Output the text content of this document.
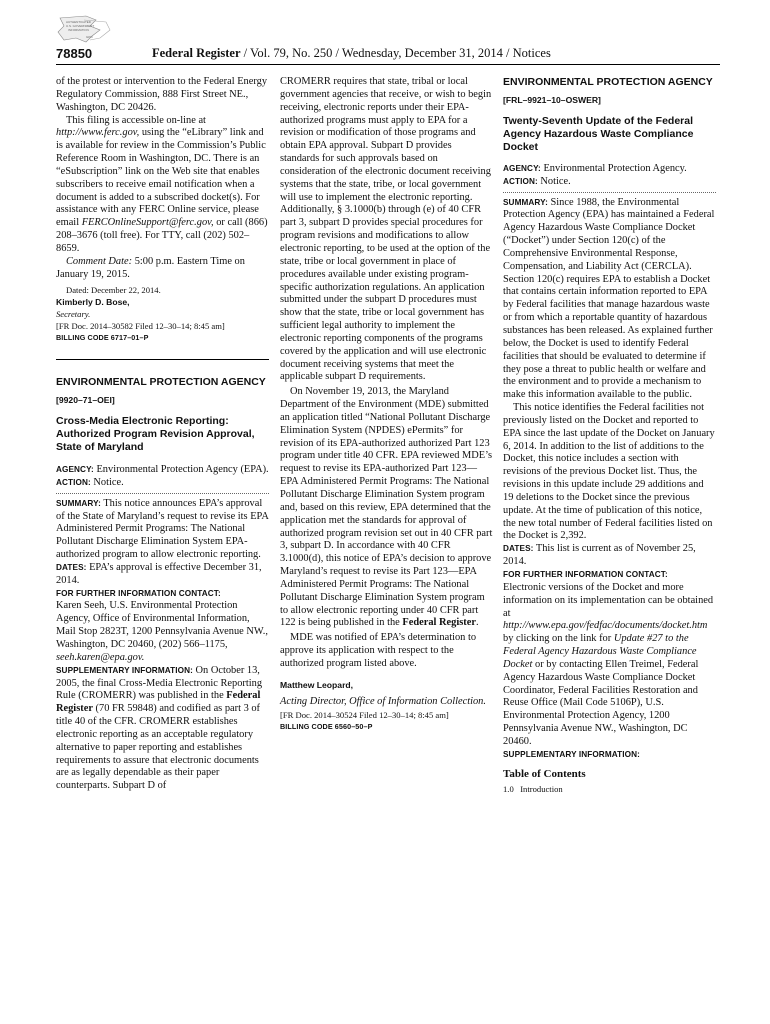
AUTHENTICATED
U.S. GOVERNMENT
INFORMATION
GPO
78850	Federal Register / Vol. 79, No. 250 / Wednesday, December 31, 2014 / Notices

of the protest or intervention to the Federal Energy Regulatory Commission, 888 First Street NE., Washington, DC 20426.

This filing is accessible on-line at http://www.ferc.gov, using the “eLibrary” link and is available for review in the Commission’s Public Reference Room in Washington, DC. There is an “eSubscription” link on the Web site that enables subscribers to receive email notification when a document is added to a subscribed docket(s). For assistance with any FERC Online service, please email FERCOnlineSupport@ferc.gov, or call (866) 208–3676 (toll free). For TTY, call (202) 502–8659.

Comment Date: 5:00 p.m. Eastern Time on January 19, 2015.

Dated: December 22, 2014.

Kimberly D. Bose,

Secretary.

[FR Doc. 2014–30582 Filed 12–30–14; 8:45 am]

BILLING CODE 6717–01–P

ENVIRONMENTAL PROTECTION AGENCY

[9920–71–OEI]

Cross-Media Electronic Reporting: Authorized Program Revision Approval, State of Maryland

AGENCY: Environmental Protection Agency (EPA).

ACTION: Notice.

SUMMARY: This notice announces EPA’s approval of the State of Maryland’s request to revise its EPA Administered Permit Programs: The National Pollutant Discharge Elimination System EPA-authorized program to allow electronic reporting.

DATES: EPA’s approval is effective December 31, 2014.

FOR FURTHER INFORMATION CONTACT:

Karen Seeh, U.S. Environmental Protection Agency, Office of Environmental Information, Mail Stop 2823T, 1200 Pennsylvania Avenue NW., Washington, DC 20460, (202) 566–1175, seeh.karen@epa.gov.

SUPPLEMENTARY INFORMATION: On October 13, 2005, the final Cross-Media Electronic Reporting Rule (CROMERR) was published in the Federal Register (70 FR 59848) and codified as part 3 of title 40 of the CFR. CROMERR establishes electronic reporting as an acceptable regulatory alternative to paper reporting and establishes requirements to assure that electronic documents are as legally dependable as their paper counterparts. Subpart D of

CROMERR requires that state, tribal or local government agencies that receive, or wish to begin receiving, electronic reports under their EPA-authorized programs must apply to EPA for a revision or modification of those programs and obtain EPA approval. Subpart D provides standards for such approvals based on consideration of the electronic document receiving systems that the state, tribe, or local government will use to implement the electronic reporting. Additionally, § 3.1000(b) through (e) of 40 CFR part 3, subpart D provides special procedures for program revisions and modifications to allow electronic reporting, to be used at the option of the state, tribe or local government in place of procedures available under existing program-specific authorization regulations. An application submitted under the subpart D procedures must show that the state, tribe or local government has sufficient legal authority to implement the electronic reporting components of the programs covered by the application and will use electronic document receiving systems that meet the applicable subpart D requirements.

On November 19, 2013, the Maryland Department of the Environment (MDE) submitted an application titled “National Pollutant Discharge Elimination System (NPDES) ePermits” for revision of its EPA-authorized authorized Part 123 program under title 40 CFR. EPA reviewed MDE’s request to revise its EPA-authorized Part 123—EPA Administered Permit Programs: The National Pollutant Discharge Elimination System program and, based on this review, EPA determined that the application met the standards for approval of authorized program revision set out in 40 CFR part 3, subpart D. In accordance with 40 CFR 3.1000(d), this notice of EPA’s decision to approve Maryland’s request to revise its Part 123—EPA Administered Permit Programs: The National Pollutant Discharge Elimination System program to allow electronic reporting under 40 CFR part 122 is being published in the Federal Register.

MDE was notified of EPA’s determination to approve its application with respect to the authorized program listed above.

Matthew Leopard,

Acting Director, Office of Information Collection.

[FR Doc. 2014–30524 Filed 12–30–14; 8:45 am]

BILLING CODE 6560–50–P

ENVIRONMENTAL PROTECTION AGENCY

[FRL–9921–10–OSWER]

Twenty-Seventh Update of the Federal Agency Hazardous Waste Compliance Docket

AGENCY: Environmental Protection Agency.

ACTION: Notice.

SUMMARY: Since 1988, the Environmental Protection Agency (EPA) has maintained a Federal Agency Hazardous Waste Compliance Docket (“Docket”) under Section 120(c) of the Comprehensive Environmental Response, Compensation, and Liability Act (CERCLA). Section 120(c) requires EPA to establish a Docket that contains certain information reported to EPA by Federal facilities that manage hazardous waste or from which a reportable quantity of hazardous substances has been released. As explained further below, the Docket is used to identify Federal facilities that should be evaluated to determine if they pose a threat to public health or welfare and the environment and to provide a mechanism to make this information available to the public.

This notice identifies the Federal facilities not previously listed on the Docket and reported to EPA since the last update of the Docket on January 6, 2014. In addition to the list of additions to the Docket, this notice includes a section with revisions of the previous Docket list. Thus, the revisions in this update include 29 additions and 19 deletions to the Docket since the previous update. At the time of publication of this notice, the new total number of Federal facilities listed on the Docket is 2,392.

DATES: This list is current as of November 25, 2014.

FOR FURTHER INFORMATION CONTACT:

Electronic versions of the Docket and more information on its implementation can be obtained at http://www.epa.gov/fedfac/documents/docket.htm by clicking on the link for Update #27 to the Federal Agency Hazardous Waste Compliance Docket or by contacting Ellen Treimel, Federal Agency Hazardous Waste Compliance Docket Coordinator, Federal Facilities Restoration and Reuse Office (Mail Code 5106P), U.S. Environmental Protection Agency, 1200 Pennsylvania Avenue NW., Washington, DC 20460.

SUPPLEMENTARY INFORMATION:

Table of Contents

1.0   Introduction
